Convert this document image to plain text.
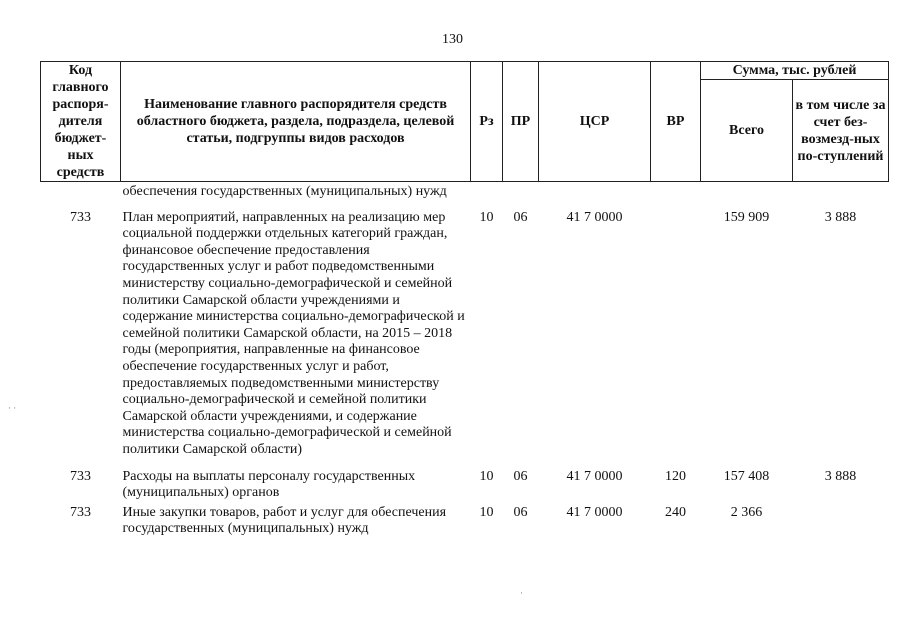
130
Код главного распоря-дителя бюджет-ных средств	Наименование главного распорядителя средств областного бюджета, раздела, подраздела, целевой статьи, подгруппы видов расходов	Рз	ПР	ЦСР	ВР	Сумма, тыс. рублей	
						Всего	в том числе за счет без-возмезд-ных по-ступлений
	обеспечения государственных (муниципальных) нужд						
733	План мероприятий, направленных на реализацию мер социальной поддержки отдельных категорий граждан, финансовое обеспечение предоставления государственных услуг и работ подведомственными министерству социально-демографической и семейной политики Самарской области учреждениями и содержание министерства социально-демографической и семейной политики Самарской области, на 2015 – 2018 годы (мероприятия, направленные на финансовое обеспечение государственных услуг и работ, предоставляемых подведомственными министерству социально-демографической и семейной политики Самарской области учреждениями, и содержание министерства социально-демографической и семейной политики Самарской области)	10	06	41 7 0000		159 909	3 888
733	Расходы на выплаты персоналу государственных (муниципальных) органов	10	06	41 7 0000	120	157 408	3 888
733	Иные закупки товаров, работ и услуг для обеспечения государственных (муниципальных) нужд	10	06	41 7 0000	240	2 366	
· ·
·
